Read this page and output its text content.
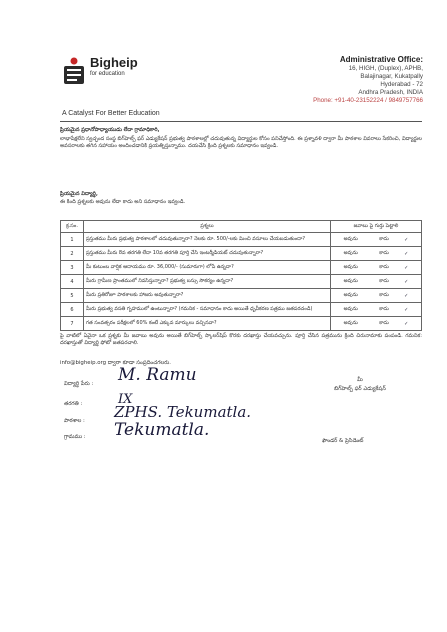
Bigheip
for education
A Catalyst For Better Education
Administrative Office:
16, HIGH, (Duplex), APHB,
Balajinagar, Kukatpally
Hyderabad - 72
Andhra Pradesh, INDIA
Phone: +91-40-23152224 / 9849757766
ప్రియమైన ప్రధానోపాధ్యాయుడు లేదా గ్రామాధికారి,
లాభాపేక్షలేని స్వచ్ఛంద సంస్థ బిగ్‌హెల్ప్ ఫర్ ఎడ్యుకేషన్ ప్రభుత్వ పాఠశాలల్లో చదువుతున్న విద్యార్థుల కోసం పనిచేస్తోంది. ఈ ప్రశ్నావళి ద్వారా మీ పాఠశాల వివరాలు సేకరించి, విద్యార్థుల అవసరాలకు తగిన సహాయం అందించడానికి ప్రయత్నిస్తున్నాము. దయచేసి క్రింది ప్రశ్నలకు సమాధానం ఇవ్వండి.
ప్రియమైన విద్యార్థి,
ఈ కింది ప్రశ్నలకు అవును లేదా కాదు అని సమాధానం ఇవ్వండి.
క్ర.సం.	ప్రశ్నలు	జవాబు పై గుర్తు పెట్టాలి
1	ప్రస్తుతము మీరు ప్రభుత్వ పాఠశాలలో చదువుతున్నారా? నెలకు రూ. 500/-లకు మించి వసూలు చేయబడుతుందా?	అవును కాదు ✓

2	ప్రస్తుతము మీరు 8వ తరగతి లేదా 10వ తరగతి పూర్తి చేసి ఇంటర్మీడియట్ చదువుతున్నారా?	అవును కాదు ✓

3	మీ కుటుంబ వార్షిక ఆదాయము రూ. 36,000/- (సుమారుగా) లోపే ఉన్నదా?	అవును కాదు ✓

4	మీరు గ్రామీణ ప్రాంతములో నివసిస్తున్నారా? ప్రభుత్వ బస్సు సౌకర్యం ఉన్నదా?	అవును కాదు ✓

5	మీరు ప్రతిరోజూ పాఠశాలకు హాజరు అవుతున్నారా?	అవును కాదు ✓

6	మీరు ప్రభుత్వ వసతి గృహములో ఉంటున్నారా? (గమనిక - సమాధానం కాదు అయితే ధృవీకరణ పత్రము జతపరచండి)	అవును కాదు ✓

7	గత సంవత్సరం పరీక్షలలో 60% కంటే ఎక్కువ మార్కులు వచ్చినవా?	అవును కాదు ✓
పై వాటిలో ఏవైనా ఒక ప్రశ్నకు మీ జవాబు అవును అయితే బిగ్‌హెల్ప్ స్కాలర్‌షిప్ కొరకు దరఖాస్తు చేయవచ్చును. పూర్తి చేసిన పత్రమును క్రింది చిరునామాకు పంపండి. గమనిక: దరఖాస్తుతో విద్యార్థి ఫోటో జతపరచాలి.
info@bigheip.org ద్వారా కూడా సంప్రదించగలరు.
విద్యార్థి పేరు : M. Ramu
తరగతి :	IX
పాఠశాల : ZPHS. Tekumatla.
గ్రామము : Tekumatla.
మీ
బిగ్‌హెల్ప్ ఫర్ ఎడ్యుకేషన్
ఫౌండర్ & ప్రెసిడెంట్
